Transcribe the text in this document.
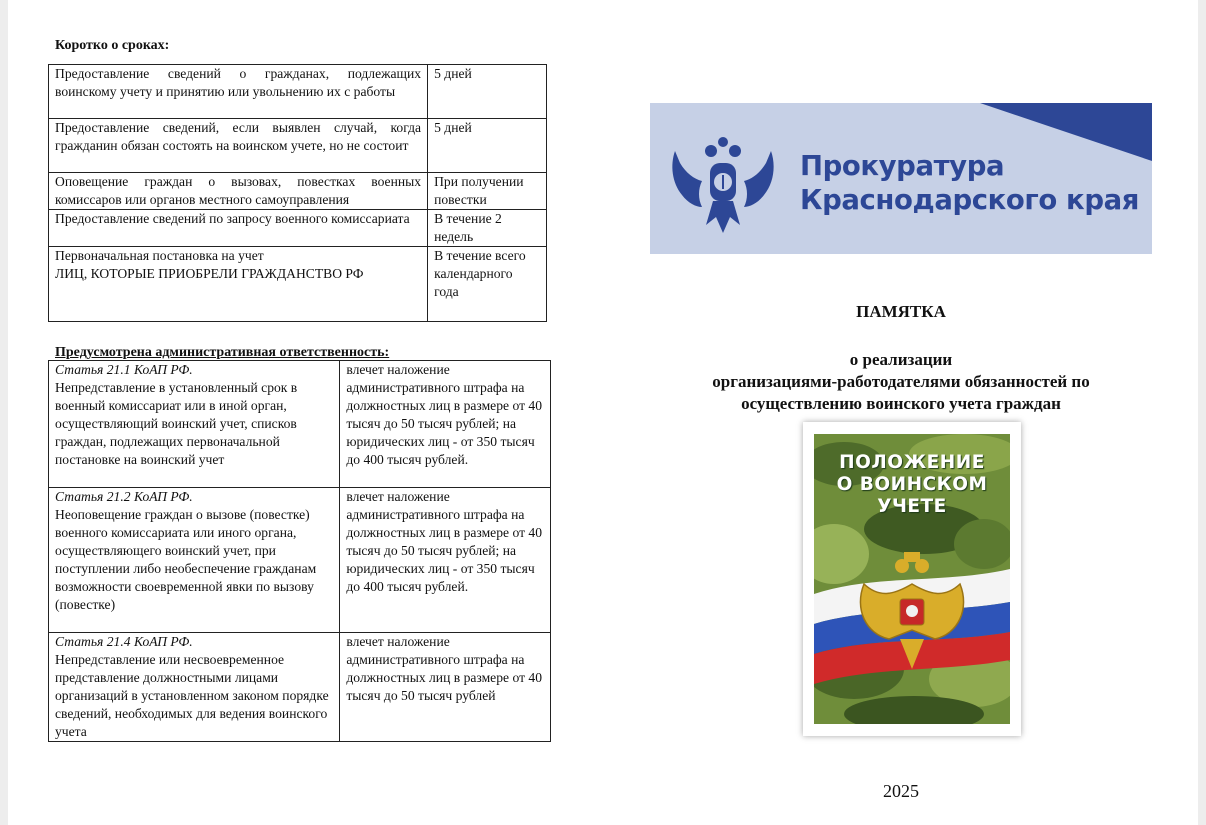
Коротко о сроках:
Предоставление сведений о гражданах, подлежащих воинскому учету и принятию или увольнению их с работы	5 дней
Предоставление сведений, если выявлен случай, когда гражданин обязан состоять на воинском учете, но не состоит	5 дней
Оповещение граждан о вызовах, повестках военных комиссаров или органов местного самоуправления	При получении повестки
Предоставление сведений по запросу военного комиссариата	В течение 2 недель

Первоначальная постановка на учет
ЛИЦ, КОТОРЫЕ ПРИОБРЕЛИ ГРАЖДАНСТВО РФ	В течение всего календарного года
Предусмотрена административная ответственность:
Статья 21.1 КоАП РФ.
Непредставление в установленный срок в военный комиссариат или в иной орган, осуществляющий воинский учет, списков граждан, подлежащих первоначальной постановке на воинский учет	влечет наложение административного штрафа на должностных лиц в размере от 40 тысяч до 50 тысяч рублей; на юридических лиц - от 350 тысяч до 400 тысяч рублей.

Статья 21.2 КоАП РФ.
Неоповещение граждан о вызове (повестке) военного комиссариата или иного органа, осуществляющего воинский учет, при поступлении либо необеспечение гражданам возможности своевременной явки по вызову (повестке)	влечет наложение административного штрафа на должностных лиц в размере от 40 тысяч до 50 тысяч рублей; на юридических лиц - от 350 тысяч до 400 тысяч рублей.

Статья 21.4 КоАП РФ.
Непредставление или несвоевременное представление должностными лицами организаций в установленном законом порядке сведений, необходимых для ведения воинского учета	влечет наложение административного штрафа на должностных лиц в размере от 40 тысяч до 50 тысяч рублей
Прокуратура
Краснодарского края
ПАМЯТКА
о реализации
организациями-работодателями обязанностей по
осуществлению воинского учета граждан
ПОЛОЖЕНИЕ
О ВОИНСКОМ
УЧЕТЕ
2025
